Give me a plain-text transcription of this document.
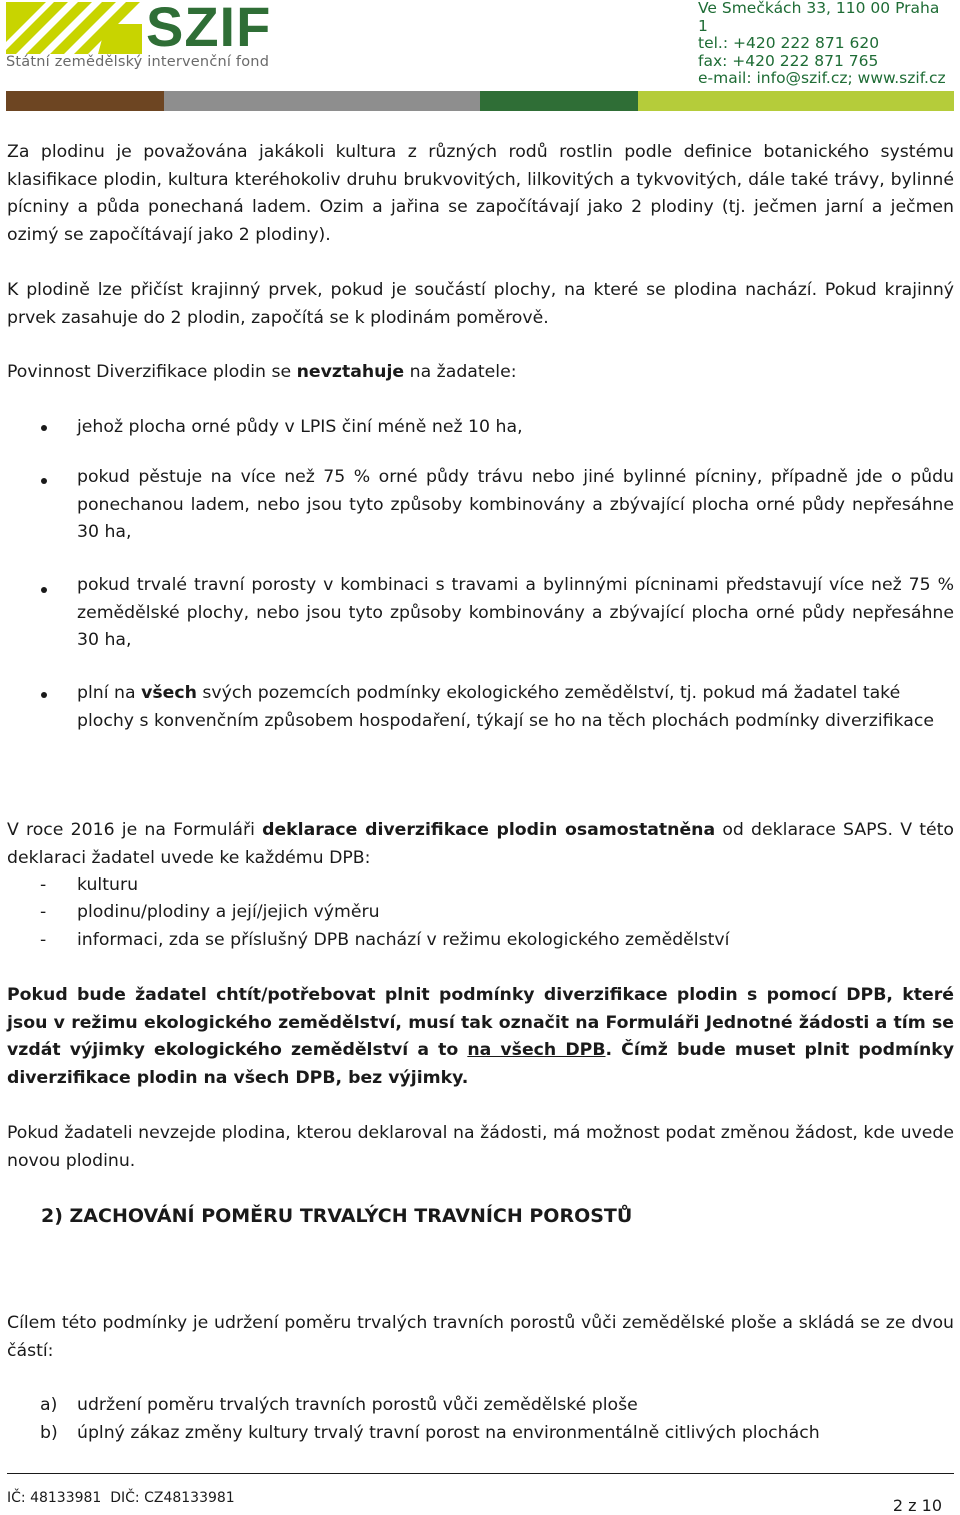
SZIF
Státní zemědělský intervenční fond
Ve Smečkách 33, 110 00 Praha 1
tel.: +420 222 871 620
fax: +420 222 871 765
e-mail: info@szif.cz; www.szif.cz
Za plodinu je považována jakákoli kultura z různých rodů rostlin podle definice botanického systému klasifikace plodin, kultura kteréhokoliv druhu brukvovitých, lilkovitých a tykvovitých, dále také trávy, bylinné pícniny a půda ponechaná ladem. Ozim a jařina se započítávají jako 2 plodiny (tj. ječmen jarní a ječmen ozimý se započítávají jako 2 plodiny).
K plodině lze přičíst krajinný prvek, pokud je součástí plochy, na které se plodina nachází. Pokud krajinný prvek zasahuje do 2 plodin, započítá se k plodinám poměrově.
Povinnost Diverzifikace plodin se nevztahuje na žadatele:
jehož plocha orné půdy v LPIS činí méně než 10 ha,
pokud pěstuje na více než 75 % orné půdy trávu nebo jiné bylinné pícniny, případně jde o půdu ponechanou ladem, nebo jsou tyto způsoby kombinovány a zbývající plocha orné půdy nepřesáhne 30 ha,
pokud trvalé travní porosty v kombinaci s travami a bylinnými pícninami představují více než 75 % zemědělské plochy, nebo jsou tyto způsoby kombinovány a zbývající plocha orné půdy nepřesáhne 30 ha,
plní na všech svých pozemcích podmínky ekologického zemědělství, tj. pokud má žadatel také plochy s konvenčním způsobem hospodaření, týkají se ho na těch plochách podmínky diverzifikace
V roce 2016 je na Formuláři deklarace diverzifikace plodin osamostatněna od deklarace SAPS. V této deklaraci žadatel uvede ke každému DPB:
- kulturu
- plodinu/plodiny a její/jejich výměru
- informaci, zda se příslušný DPB nachází v režimu ekologického zemědělství
Pokud bude žadatel chtít/potřebovat plnit podmínky diverzifikace plodin s pomocí DPB, které jsou v režimu ekologického zemědělství, musí tak označit na Formuláři Jednotné žádosti a tím se vzdát výjimky ekologického zemědělství a to na všech DPB. Čímž bude muset plnit podmínky diverzifikace plodin na všech DPB, bez výjimky.
Pokud žadateli nevzejde plodina, kterou deklaroval na žádosti, má možnost podat změnou žádost, kde uvede novou plodinu.
2) ZACHOVÁNÍ POMĚRU TRVALÝCH TRAVNÍCH POROSTŮ
Cílem této podmínky je udržení poměru trvalých travních porostů vůči zemědělské ploše a skládá se ze dvou částí:
a) udržení poměru trvalých travních porostů vůči zemědělské ploše
b) úplný zákaz změny kultury trvalý travní porost na environmentálně citlivých plochách
IČ: 48133981  DIČ: CZ48133981	2 z 10
